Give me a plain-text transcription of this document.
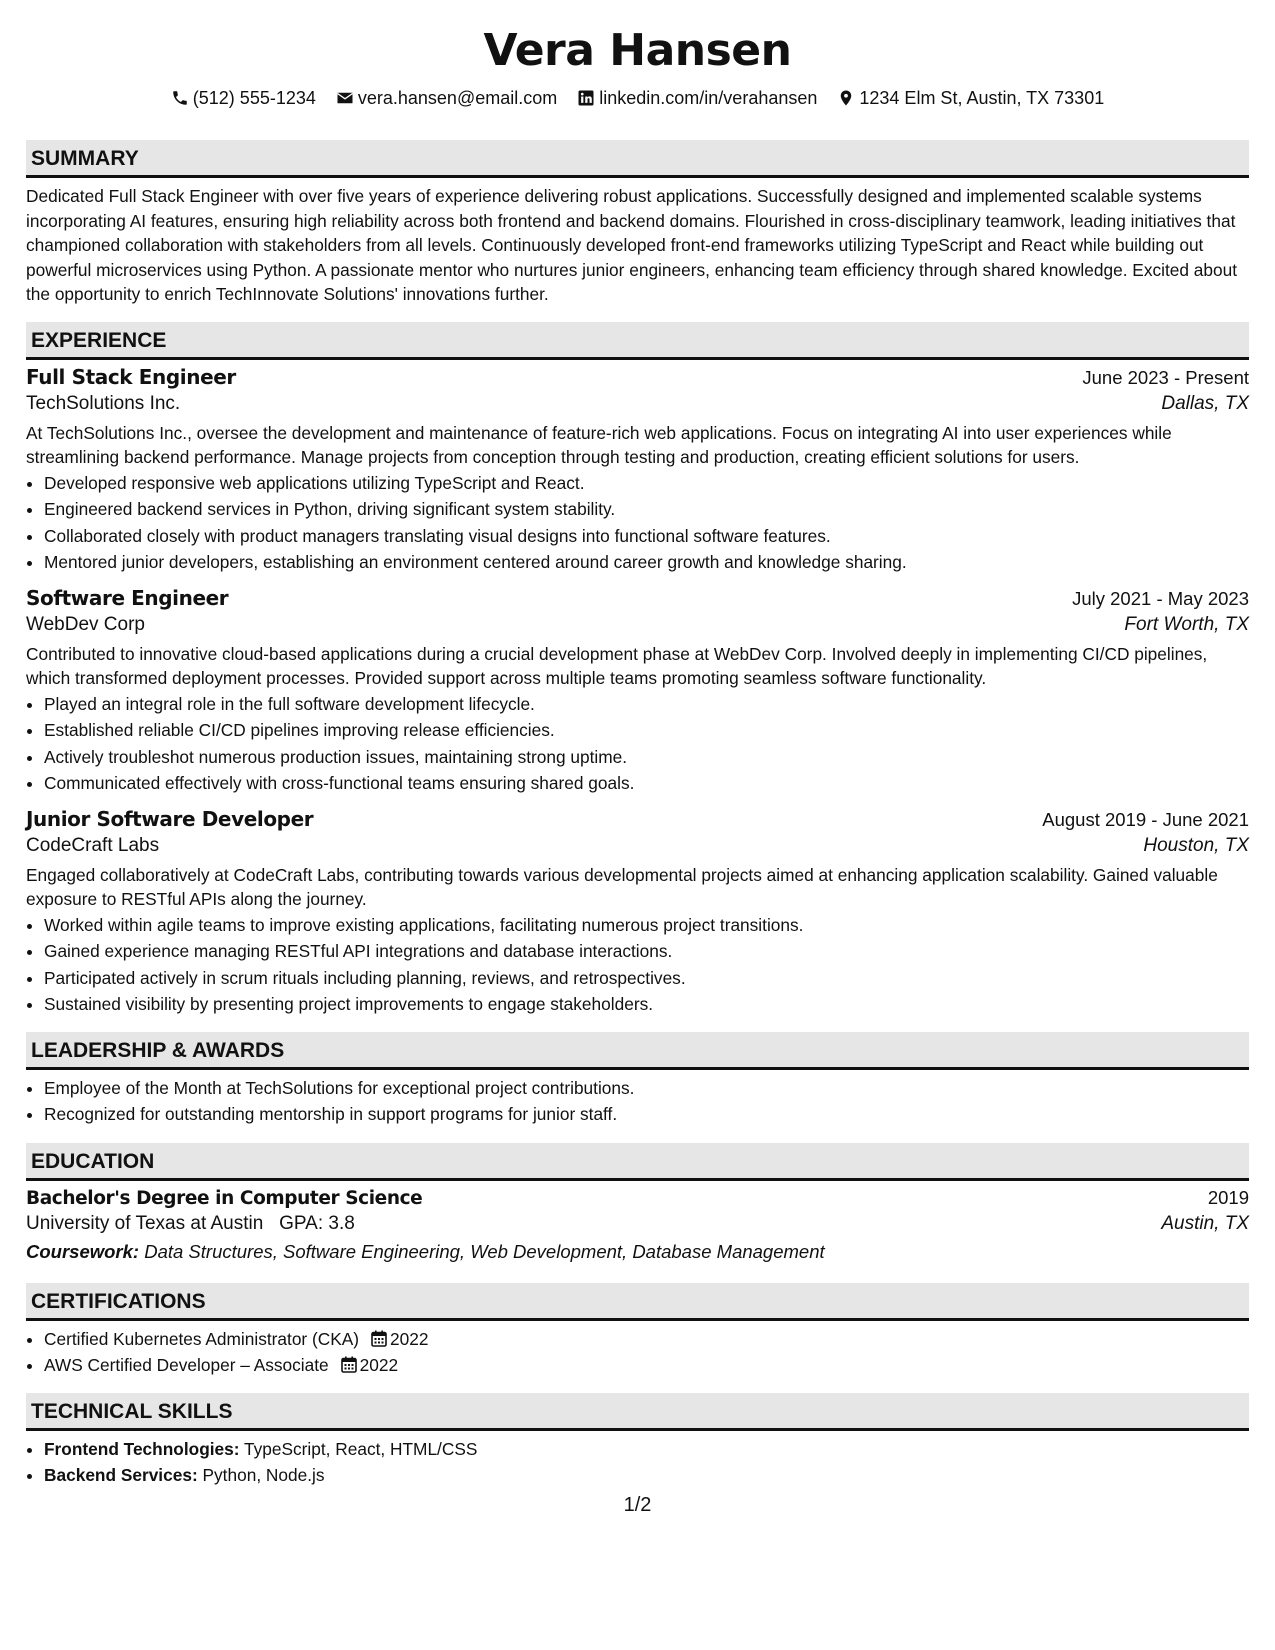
Vera Hansen
(512) 555-1234 vera.hansen@email.com linkedin.com/in/verahansen 1234 Elm St, Austin, TX 73301
SUMMARY

Dedicated Full Stack Engineer with over five years of experience delivering robust applications. Successfully designed and implemented scalable systems incorporating AI features, ensuring high reliability across both frontend and backend domains. Flourished in cross-disciplinary teamwork, leading initiatives that championed collaboration with stakeholders from all levels. Continuously developed front-end frameworks utilizing TypeScript and React while building out powerful microservices using Python. A passionate mentor who nurtures junior engineers, enhancing team efficiency through shared knowledge. Excited about the opportunity to enrich TechInnovate Solutions' innovations further.

EXPERIENCE
Full Stack Engineer	June 2023 - Present
TechSolutions Inc.	Dallas, TX

At TechSolutions Inc., oversee the development and maintenance of feature-rich web applications. Focus on integrating AI into user experiences while streamlining backend performance. Manage projects from conception through testing and production, creating efficient solutions for users.

• Developed responsive web applications utilizing TypeScript and React.
• Engineered backend services in Python, driving significant system stability.
• Collaborated closely with product managers translating visual designs into functional software features.
• Mentored junior developers, establishing an environment centered around career growth and knowledge sharing.
Software Engineer	July 2021 - May 2023
WebDev Corp	Fort Worth, TX

Contributed to innovative cloud-based applications during a crucial development phase at WebDev Corp. Involved deeply in implementing CI/CD pipelines, which transformed deployment processes. Provided support across multiple teams promoting seamless software functionality.

• Played an integral role in the full software development lifecycle.
• Established reliable CI/CD pipelines improving release efficiencies.
• Actively troubleshot numerous production issues, maintaining strong uptime.
• Communicated effectively with cross-functional teams ensuring shared goals.
Junior Software Developer	August 2019 - June 2021
CodeCraft Labs	Houston, TX

Engaged collaboratively at CodeCraft Labs, contributing towards various developmental projects aimed at enhancing application scalability. Gained valuable exposure to RESTful APIs along the journey.

• Worked within agile teams to improve existing applications, facilitating numerous project transitions.
• Gained experience managing RESTful API integrations and database interactions.
• Participated actively in scrum rituals including planning, reviews, and retrospectives.
• Sustained visibility by presenting project improvements to engage stakeholders.
LEADERSHIP & AWARDS
• Employee of the Month at TechSolutions for exceptional project contributions.
• Recognized for outstanding mentorship in support programs for junior staff.
EDUCATION
Bachelor's Degree in Computer Science	2019
University of Texas at Austin GPA: 3.8	Austin, TX
Coursework: Data Structures, Software Engineering, Web Development, Database Management
CERTIFICATIONS
• Certified Kubernetes Administrator (CKA) 2022
• AWS Certified Developer – Associate 2022
TECHNICAL SKILLS
• Frontend Technologies: TypeScript, React, HTML/CSS
• Backend Services: Python, Node.js
1/2
